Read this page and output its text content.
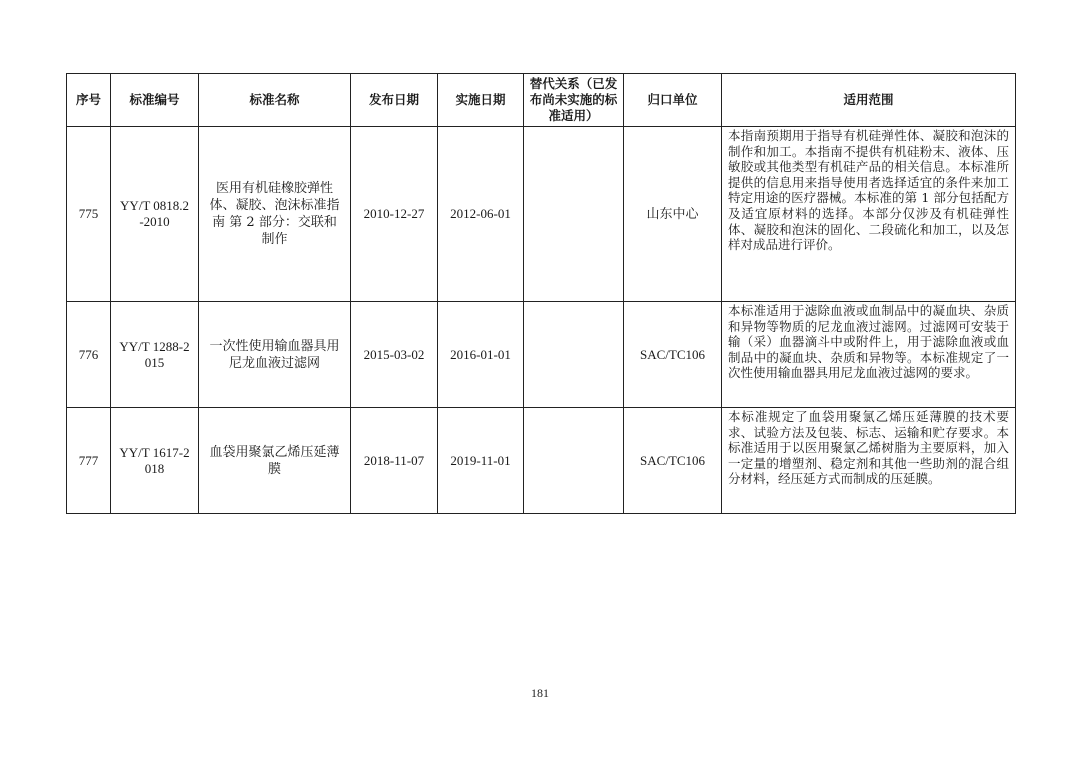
序号	标准编号	标准名称	发布日期	实施日期	替代关系（已发布尚未实施的标准适用）	归口单位	适用范围
775	YY/T 0818.2-2010	医用有机硅橡胶弹性体、凝胶、泡沫标准指南 第 2 部分：交联和制作	2010-12-27	2012-06-01		山东中心	本指南预期用于指导有机硅弹性体、凝胶和泡沫的制作和加工。本指南不提供有机硅粉末、液体、压敏胶或其他类型有机硅产品的相关信息。本标准所提供的信息用来指导使用者选择适宜的条件来加工特定用途的医疗器械。本标准的第 1 部分包括配方及适宜原材料的选择。本部分仅涉及有机硅弹性体、凝胶和泡沫的固化、二段硫化和加工，以及怎样对成品进行评价。
776	YY/T 1288-2015	一次性使用输血器具用尼龙血液过滤网	2015-03-02	2016-01-01		SAC/TC106	本标准适用于滤除血液或血制品中的凝血块、杂质和异物等物质的尼龙血液过滤网。过滤网可安装于输（采）血器滴斗中或附件上，用于滤除血液或血制品中的凝血块、杂质和异物等。本标准规定了一次性使用输血器具用尼龙血液过滤网的要求。
777	YY/T 1617-2018	血袋用聚氯乙烯压延薄膜	2018-11-07	2019-11-01		SAC/TC106	本标准规定了血袋用聚氯乙烯压延薄膜的技术要求、试验方法及包装、标志、运输和贮存要求。本标准适用于以医用聚氯乙烯树脂为主要原料，加入一定量的增塑剂、稳定剂和其他一些助剂的混合组分材料，经压延方式而制成的压延膜。
181
